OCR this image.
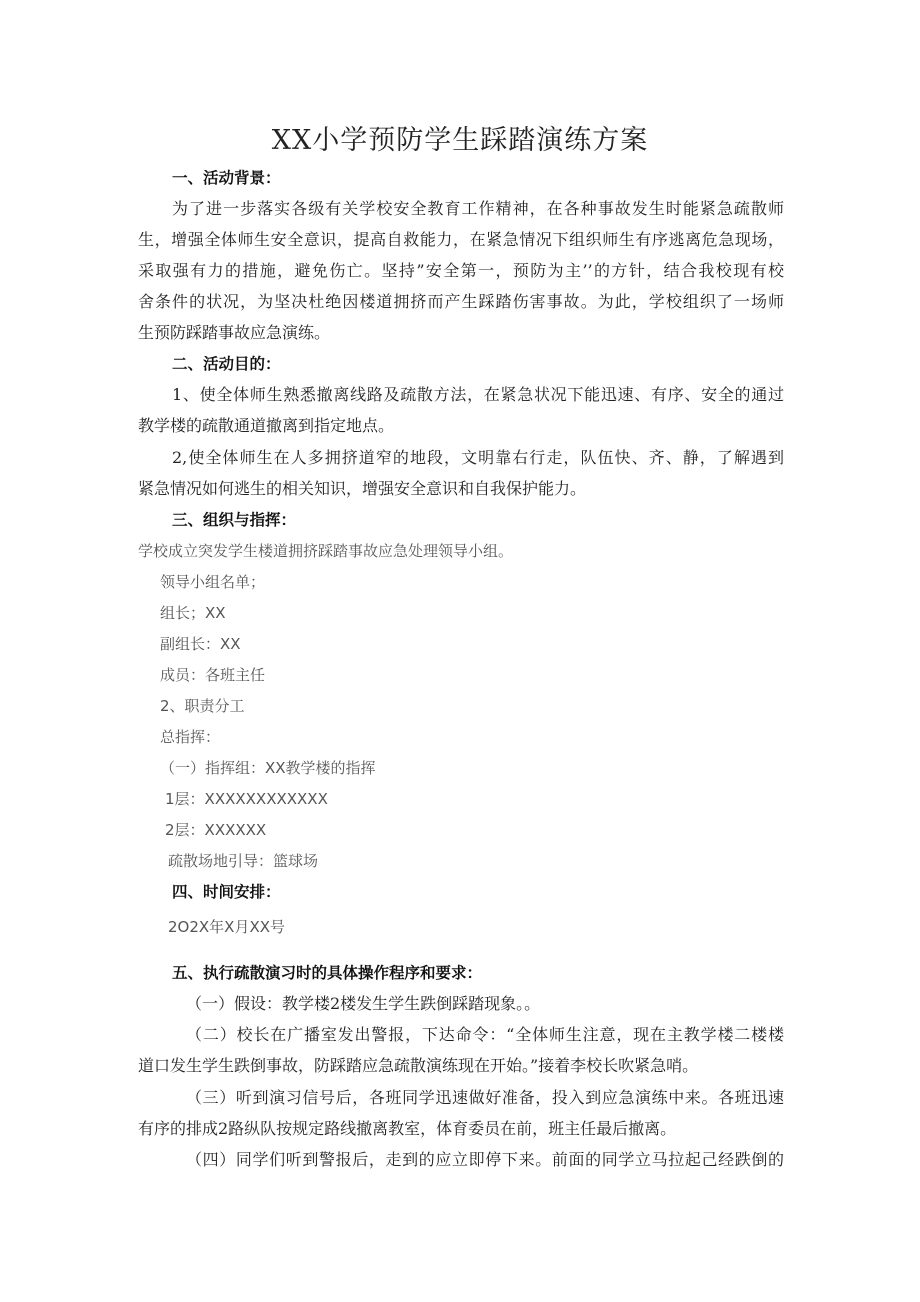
XX小学预防学生踩踏演练方案
一、活动背景：
为了进一步落实各级有关学校安全教育工作精神，在各种事故发生时能紧急疏散师
生，增强全体师生安全意识，提高自救能力，在紧急情况下组织师生有序逃离危急现场，
采取强有力的措施，避免伤亡。坚持”安全第一，预防为主’’的方针，结合我校现有校
舍条件的状况，为坚决杜绝因楼道拥挤而产生踩踏伤害事故。为此，学校组织了一场师
生预防踩踏事故应急演练。
二、活动目的：
1、使全体师生熟悉撤离线路及疏散方法，在紧急状况下能迅速、有序、安全的通过
教学楼的疏散通道撤离到指定地点。
2,使全体师生在人多拥挤道窄的地段，文明靠右行走，队伍快、齐、静，了解遇到
紧急情况如何逃生的相关知识，增强安全意识和自我保护能力。
三、组织与指挥：
学校成立突发学生楼道拥挤踩踏事故应急处理领导小组。
领导小组名单；
组长；XX
副组长：XX
成员：各班主任
2、职责分工
总指挥：
（一）指挥组：XX教学楼的指挥
1层：XXXXXXXXXXXX
2层：XXXXXX
疏散场地引导：篮球场
四、时间安排：
2O2X年X月XX号
五、执行疏散演习时的具体操作程序和要求：
（一）假设：教学楼2楼发生学生跌倒踩踏现象。。
（二）校长在广播室发出警报，下达命令：“全体师生注意，现在主教学楼二楼楼
道口发生学生跌倒事故，防踩踏应急疏散演练现在开始。”接着李校长吹紧急哨。
（三）听到演习信号后，各班同学迅速做好准备，投入到应急演练中来。各班迅速
有序的排成2路纵队按规定路线撤离教室，体育委员在前，班主任最后撤离。
（四）同学们听到警报后，走到的应立即停下来。前面的同学立马拉起己经跌倒的
